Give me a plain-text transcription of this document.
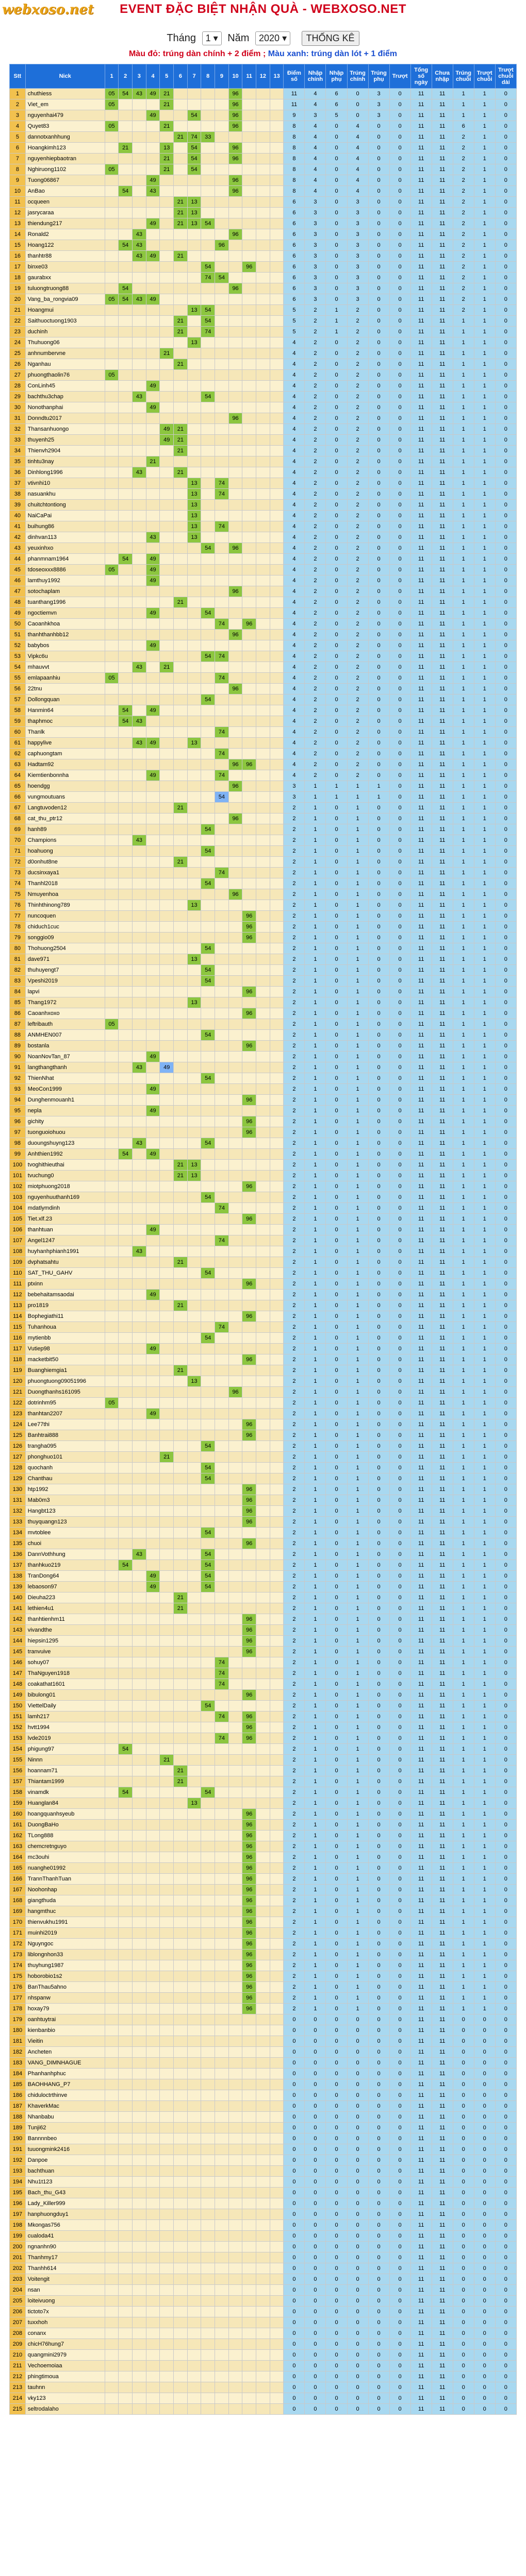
webxoso.net	EVENT ĐẶC BIỆT NHẬN QUÀ - WEBXOSO.NET
Tháng 1 ▾ Năm 2020 ▾ THỐNG KÊ
Màu đỏ: trúng dàn chính + 2 điểm ; Màu xanh: trúng dàn lót + 1 điểm
Stt	Nick	1	2	3	4	5	6	7	8	9	10	11	12	13	Điểm số	Nhập chính	Nhập phụ	Trúng chính	Trúng phụ	Trượt	Tổng số ngày	Chưa nhập	Trúng chuỗi	Trượt chuỗi	Trượt chuỗi dài
1	chuthiess	05	54	43	49	21					96				11	4	6	0	3	0	11	11	1	1	0
2	Viet_em	05				21					96				11	4	6	0	3	0	11	11	1	1	0
3	nguyenhai479				49			54			96				9	3	5	0	3	0	11	11	1	1	0
4	Quyet83	05				21					96				8	4	0	4	0	0	11	11	6	1	0
5	dannotxanhhung						21	74	33						8	4	0	4	0	0	11	11	2	1	0
6	Hoangkimh123		21			13		54			96				8	4	0	4	0	0	11	11	2	1	0
7	nguyenhiepbaotran					21		54			96				8	4	0	4	0	0	11	11	2	1	0
8	Nghiruong1102	05				21		54							8	4	0	4	0	0	11	11	2	1	0
9	Tuong06867				49						96				8	4	0	4	0	0	11	11	2	1	0
10	AnBao		54		43						96				8	4	0	4	0	0	11	11	2	1	0
11	ocqueen						21	13							6	3	0	3	0	0	11	11	2	1	0
12	jasrycaraa						21	13							6	3	0	3	0	0	11	11	2	1	0
13	thiendung217				49		21	13	54						6	3	0	3	0	0	11	11	2	1	0
14	Ronald2			43							96				6	3	0	3	0	0	11	11	2	1	0
15	Hoang122		54	43						96					6	3	0	3	0	0	11	11	2	1	0
16	thanhtr88			43	49		21								6	3	0	3	0	0	11	11	2	1	0
17	binxe03								54			96			6	3	0	3	0	0	11	11	2	1	0
18	gaurabxx								74	54					6	3	0	3	0	0	11	11	2	1	0
19	tuluongtruong88		54								96				6	3	0	3	0	0	11	11	2	1	0
20	Vang_ba_rongvia09	05	54	43	49										6	3	0	3	0	0	11	11	2	1	0
21	Hoangmui							13	54						5	2	1	2	0	0	11	11	2	1	0
22	Saithuoctuong1903						21		54						5	2	1	2	0	0	11	11	1	1	0
23	duchinh						21		74						5	2	1	2	0	0	11	11	1	1	0
24	Thuhuong06							13							4	2	0	2	0	0	11	11	1	1	0
25	anhnumbervne					21									4	2	0	2	0	0	11	11	1	1	0
26	Nganhau						21								4	2	0	2	0	0	11	11	1	1	0
27	phuongthaolin76	05													4	2	0	2	0	0	11	11	1	1	0
28	ConLinh45				49										4	2	0	2	0	0	11	11	1	1	0
29	bachthu3chap			43					54						4	2	0	2	0	0	11	11	1	1	0
30	Nonothanphai				49										4	2	0	2	0	0	11	11	1	1	0
31	Donndtu2017										96				4	2	0	2	0	0	11	11	1	1	0
32	Thansanhuongo					49	21								4	2	0	2	0	0	11	11	1	1	0
33	thuyenh25					49	21								4	2	0	2	0	0	11	11	1	1	0
34	Thienvh2904						21								4	2	0	2	0	0	11	11	1	1	0
35	tinhtu3nay				21										4	2	0	2	0	0	11	11	1	1	0
36	Dinhlong1996			43			21								4	2	0	2	0	0	11	11	1	1	0
37	vtivnhi10							13		74					4	2	0	2	0	0	11	11	1	1	0
38	nasuankhu							13		74					4	2	0	2	0	0	11	11	1	1	0
39	chuitchtontiong							13							4	2	0	2	0	0	11	11	1	1	0
40	NaiCaPai							13							4	2	0	2	0	0	11	11	1	1	0
41	buihung86							13		74					4	2	0	2	0	0	11	11	1	1	0
42	dinhvan113				43			13							4	2	0	2	0	0	11	11	1	1	0
43	yeuxinhxo								54		96				4	2	0	2	0	0	11	11	1	1	0
44	phanmnam1964		54		49										4	2	0	2	0	0	11	11	1	1	0
45	tdoseoxxx8886	05			49										4	2	0	2	0	0	11	11	1	1	0
46	lamthuy1992				49										4	2	0	2	0	0	11	11	1	1	0
47	sotochaplam										96				4	2	0	2	0	0	11	11	1	1	0
48	tuanthang1996						21								4	2	0	2	0	0	11	11	1	1	0
49	ngoctiemvn				49				54						4	2	0	2	0	0	11	11	1	1	0
50	Caoanhkhoa									74		96			4	2	0	2	0	0	11	11	1	1	0
51	thanhthanhbb12										96				4	2	0	2	0	0	11	11	1	1	0
52	babybos				49										4	2	0	2	0	0	11	11	1	1	0
53	Vipkc6u								54	74					4	2	0	2	0	0	11	11	1	1	0
54	mhauvvt			43		21									4	2	0	2	0	0	11	11	1	1	0
55	emlapaanhiu	05								74					4	2	0	2	0	0	11	11	1	1	0
56	22tnu										96				4	2	0	2	0	0	11	11	1	1	0
57	Dollongquan								54						4	2	0	2	0	0	11	11	1	1	0
58	Hanmin64		54		49										4	2	0	2	0	0	11	11	1	1	0
59	thaphmoc		54	43											4	2	0	2	0	0	11	11	1	1	0
60	Thanlk									74					4	2	0	2	0	0	11	11	1	1	0
61	happylive			43	49			13							4	2	0	2	0	0	11	11	1	1	0
62	caphuongtam									74					4	2	0	2	0	0	11	11	1	1	0
63	Hadtam92										96	96			4	2	0	2	0	0	11	11	1	1	0
64	Kiemtienbonnha				49					74					4	2	0	2	0	0	11	11	1	1	0
65	hoendgg										96				3	1	1	1	1	0	11	11	1	1	0
66	vungmoutuans									54					3	1	1	1	1	0	11	11	1	1	0
67	Langtuvoden12						21								2	1	0	1	0	0	11	11	1	1	0
68	cat_thu_ptr12										96				2	1	0	1	0	0	11	11	1	1	0
69	hanh89								54						2	1	0	1	0	0	11	11	1	1	0
70	Champions			43											2	1	0	1	0	0	11	11	1	1	0
71	hoahuong								54						2	1	0	1	0	0	11	11	1	1	0
72	d0onhut8ne						21								2	1	0	1	0	0	11	11	1	1	0
73	ducsinxaya1									74					2	1	0	1	0	0	11	11	1	1	0
74	Thanhl2018								54						2	1	0	1	0	0	11	11	1	1	0
75	Nmuyenhoa										96				2	1	0	1	0	0	11	11	1	1	0
76	Thinhthinong789							13							2	1	0	1	0	0	11	11	1	1	0
77	nuncoquen											96			2	1	0	1	0	0	11	11	1	1	0
78	chiduch1cuc											96			2	1	0	1	0	0	11	11	1	1	0
79	songgio09											96			2	1	0	1	0	0	11	11	1	1	0
80	Thohuong2504								54						2	1	0	1	0	0	11	11	1	1	0
81	dave971							13							2	1	0	1	0	0	11	11	1	1	0
82	thuhuyengt7								54						2	1	0	1	0	0	11	11	1	1	0
83	Vpeshi2019								54						2	1	0	1	0	0	11	11	1	1	0
84	lapvi											96			2	1	0	1	0	0	11	11	1	1	0
85	Thang1972							13							2	1	0	1	0	0	11	11	1	1	0
86	Caoanhxoxo											96			2	1	0	1	0	0	11	11	1	1	0
87	leftribauth	05													2	1	0	1	0	0	11	11	1	1	0
88	ANMHEN007								54						2	1	0	1	0	0	11	11	1	1	0
89	bostanla											96			2	1	0	1	0	0	11	11	1	1	0
90	NoanNovTan_87				49										2	1	0	1	0	0	11	11	1	1	0
91	langthangthanh			43		49									2	1	0	1	0	0	11	11	1	1	0
92	ThienNhat								54						2	1	0	1	0	0	11	11	1	1	0
93	MeoCon1999				49										2	1	0	1	0	0	11	11	1	1	0
94	Dunghenmouanh1											96			2	1	0	1	0	0	11	11	1	1	0
95	nepla				49										2	1	0	1	0	0	11	11	1	1	0
96	gichity											96			2	1	0	1	0	0	11	11	1	1	0
97	tuonguoiohuou											96			2	1	0	1	0	0	11	11	1	1	0
98	duoungshuyng123			43					54						2	1	0	1	0	0	11	11	1	1	0
99	Anhthien1992		54		49										2	1	0	1	0	0	11	11	1	1	0
100	tvoghithieuthai						21	13							2	1	0	1	0	0	11	11	1	1	0
101	tvuchung0						21	13							2	1	0	1	0	0	11	11	1	1	0
102	miotphuong2018											96			2	1	0	1	0	0	11	11	1	1	0
103	nguyenhuuthanh169								54						2	1	0	1	0	0	11	11	1	1	0
104	mdatlymdinh									74					2	1	0	1	0	0	11	11	1	1	0
105	Tiet.xlf.23											96			2	1	0	1	0	0	11	11	1	1	0
106	thanhtuan				49										2	1	0	1	0	0	11	11	1	1	0
107	Angel1247									74					2	1	0	1	0	0	11	11	1	1	0
108	huyhanhphianh1991			43											2	1	0	1	0	0	11	11	1	1	0
109	dvphatsahtu						21								2	1	0	1	0	0	11	11	1	1	0
110	SAT_THU_GAHV								54						2	1	0	1	0	0	11	11	1	1	0
111	ptxinn											96			2	1	0	1	0	0	11	11	1	1	0
112	bebehaitamsaodai				49										2	1	0	1	0	0	11	11	1	1	0
113	pro1819						21								2	1	0	1	0	0	11	11	1	1	0
114	Bophegiathi11											96			2	1	0	1	0	0	11	11	1	1	0
115	Tuhanhoua									74					2	1	0	1	0	0	11	11	1	1	0
116	mytienbb								54						2	1	0	1	0	0	11	11	1	1	0
117	Vutiep98				49										2	1	0	1	0	0	11	11	1	1	0
118	macketbit50											96			2	1	0	1	0	0	11	11	1	1	0
119	Buanghiemgia1						21								2	1	0	1	0	0	11	11	1	1	0
120	phuongtuong09051996							13							2	1	0	1	0	0	11	11	1	1	0
121	Duongthanhs161095										96				2	1	0	1	0	0	11	11	1	1	0
122	dotrinhm95	05													2	1	0	1	0	0	11	11	1	1	0
123	thanhtan2207				49										2	1	0	1	0	0	11	11	1	1	0
124	Lee77thi											96			2	1	0	1	0	0	11	11	1	1	0
125	Banhtrai888											96			2	1	0	1	0	0	11	11	1	1	0
126	trangha095								54						2	1	0	1	0	0	11	11	1	1	0
127	phonghuo101					21									2	1	0	1	0	0	11	11	1	1	0
128	quochanh								54						2	1	0	1	0	0	11	11	1	1	0
129	Chanthau								54						2	1	0	1	0	0	11	11	1	1	0
130	htp1992											96			2	1	0	1	0	0	11	11	1	1	0
131	Mab0m3											96			2	1	0	1	0	0	11	11	1	1	0
132	Hangbt123											96			2	1	0	1	0	0	11	11	1	1	0
133	thuyquangn123											96			2	1	0	1	0	0	11	11	1	1	0
134	mvtoblee								54						2	1	0	1	0	0	11	11	1	1	0
135	chuoi											96			2	1	0	1	0	0	11	11	1	1	0
136	DannVothhung			43					54						2	1	0	1	0	0	11	11	1	1	0
137	thanhkuo219		54						54						2	1	0	1	0	0	11	11	1	1	0
138	TranDong64				49				54						2	1	0	1	0	0	11	11	1	1	0
139	lebaoson97				49				54						2	1	0	1	0	0	11	11	1	1	0
140	Dieuha223						21								2	1	0	1	0	0	11	11	1	1	0
141	lethien4u1						21								2	1	0	1	0	0	11	11	1	1	0
142	thanhtienhm11											96			2	1	0	1	0	0	11	11	1	1	0
143	vivandthe											96			2	1	0	1	0	0	11	11	1	1	0
144	hiepsin1295											96			2	1	0	1	0	0	11	11	1	1	0
145	tranvuive											96			2	1	0	1	0	0	11	11	1	1	0
146	sohuy07									74					2	1	0	1	0	0	11	11	1	1	0
147	ThaNguyen1918									74					2	1	0	1	0	0	11	11	1	1	0
148	coakathat1601									74					2	1	0	1	0	0	11	11	1	1	0
149	bibulong01											96			2	1	0	1	0	0	11	11	1	1	0
150	ViettelDaily								54						2	1	0	1	0	0	11	11	1	1	0
151	lamh217									74		96			2	1	0	1	0	0	11	11	1	1	0
152	hvtt1994											96			2	1	0	1	0	0	11	11	1	1	0
153	lvde2019									74		96			2	1	0	1	0	0	11	11	1	1	0
154	phigung97		54												2	1	0	1	0	0	11	11	1	1	0
155	Ninnn					21									2	1	0	1	0	0	11	11	1	1	0
156	hoannam71						21								2	1	0	1	0	0	11	11	1	1	0
157	Thiantam1999						21								2	1	0	1	0	0	11	11	1	1	0
158	vinamdk		54						54						2	1	0	1	0	0	11	11	1	1	0
159	Huanglan84							13							2	1	0	1	0	0	11	11	1	1	0
160	hoangquanhsyeub											96			2	1	0	1	0	0	11	11	1	1	0
161	DuongBaHo											96			2	1	0	1	0	0	11	11	1	1	0
162	TLong888											96			2	1	0	1	0	0	11	11	1	1	0
163	chemcretnguyo											96			2	1	0	1	0	0	11	11	1	1	0
164	mc3ouhi											96			2	1	0	1	0	0	11	11	1	1	0
165	nuanghe01992											96			2	1	0	1	0	0	11	11	1	1	0
166	TrannThanhTuan											96			2	1	0	1	0	0	11	11	1	1	0
167	Noohonhap											96			2	1	0	1	0	0	11	11	1	1	0
168	giangthuda											96			2	1	0	1	0	0	11	11	1	1	0
169	hangmthuc											96			2	1	0	1	0	0	11	11	1	1	0
170	thienvukhu1991											96			2	1	0	1	0	0	11	11	1	1	0
171	muinhi2019											96			2	1	0	1	0	0	11	11	1	1	0
172	Nguyngoc											96			2	1	0	1	0	0	11	11	1	1	0
173	liblongnhon33											96			2	1	0	1	0	0	11	11	1	1	0
174	thuyhung1987											96			2	1	0	1	0	0	11	11	1	1	0
175	hoborobio1s2											96			2	1	0	1	0	0	11	11	1	1	0
176	BanThau5ahno											96			2	1	0	1	0	0	11	11	1	1	0
177	nhspanw											96			2	1	0	1	0	0	11	11	1	1	0
178	hoxay79											96			2	1	0	1	0	0	11	11	1	1	0
179	oanhtuytrai														0	0	0	0	0	0	11	11	0	0	0
180	kienbanbio														0	0	0	0	0	0	11	11	0	0	0
181	Vieitin														0	0	0	0	0	0	11	11	0	0	0
182	Ancheten														0	0	0	0	0	0	11	11	0	0	0
183	VANG_DIMNHAGUE														0	0	0	0	0	0	11	11	0	0	0
184	Phanhanhphuc														0	0	0	0	0	0	11	11	0	0	0
185	BAOHHANG_P7														0	0	0	0	0	0	11	11	0	0	0
186	chiduloctrthinve														0	0	0	0	0	0	11	11	0	0	0
187	KhaverkMac														0	0	0	0	0	0	11	11	0	0	0
188	Nhanbabu														0	0	0	0	0	0	11	11	0	0	0
189	Tunji62														0	0	0	0	0	0	11	11	0	0	0
190	Bannnnbeo														0	0	0	0	0	0	11	11	0	0	0
191	tuuongmink2416														0	0	0	0	0	0	11	11	0	0	0
192	Danpoe														0	0	0	0	0	0	11	11	0	0	0
193	bachthuan														0	0	0	0	0	0	11	11	0	0	0
194	Nhu1t123														0	0	0	0	0	0	11	11	0	0	0
195	Bach_thu_G43														0	0	0	0	0	0	11	11	0	0	0
196	Lady_Killer999														0	0	0	0	0	0	11	11	0	0	0
197	hanphuongduy1														0	0	0	0	0	0	11	11	0	0	0
198	Mkongas756														0	0	0	0	0	0	11	11	0	0	0
199	cualoda41														0	0	0	0	0	0	11	11	0	0	0
200	ngnanhn90														0	0	0	0	0	0	11	11	0	0	0
201	Thanhmy17														0	0	0	0	0	0	11	11	0	0	0
202	Thanhh614														0	0	0	0	0	0	11	11	0	0	0
203	Voitengit														0	0	0	0	0	0	11	11	0	0	0
204	nsan														0	0	0	0	0	0	11	11	0	0	0
205	loiteivuong														0	0	0	0	0	0	11	11	0	0	0
206	tictoto7x														0	0	0	0	0	0	11	11	0	0	0
207	tuxxhoh														0	0	0	0	0	0	11	11	0	0	0
208	conanx														0	0	0	0	0	0	11	11	0	0	0
209	chicH76hung7														0	0	0	0	0	0	11	11	0	0	0
210	quangmini2979														0	0	0	0	0	0	11	11	0	0	0
211	Vechoemoiaa														0	0	0	0	0	0	11	11	0	0	0
212	phingtimoua														0	0	0	0	0	0	11	11	0	0	0
213	tauhnn														0	0	0	0	0	0	11	11	0	0	0
214	vky123														0	0	0	0	0	0	11	11	0	0	0
215	seltrodalaho														0	0	0	0	0	0	11	11	0	0	0
